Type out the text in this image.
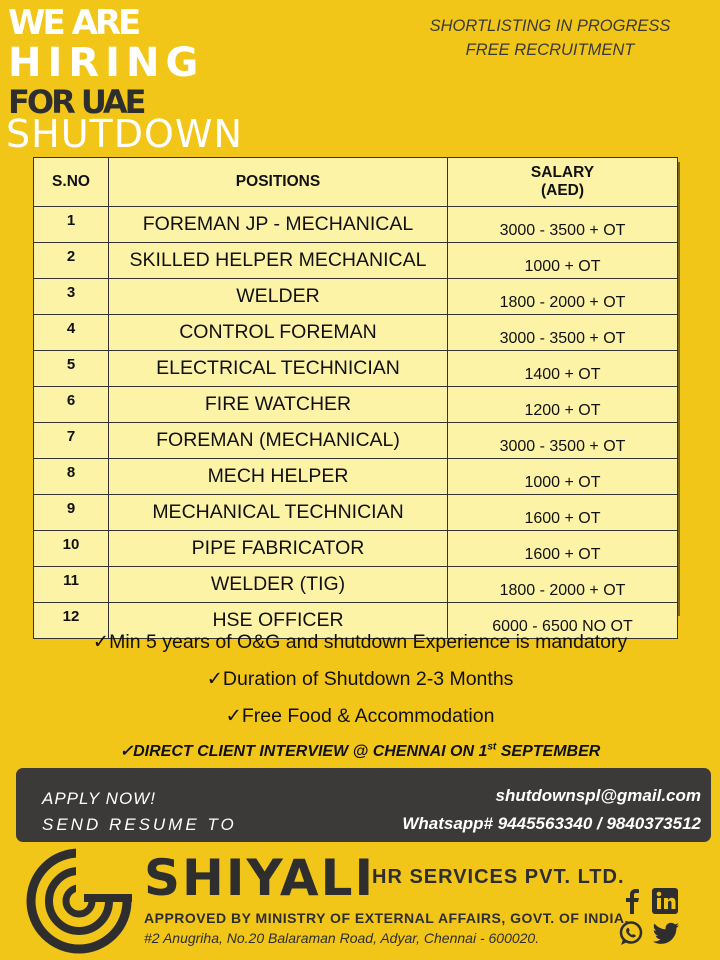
WE ARE
HIRING
FOR UAE
SHUTDOWN
SHORTLISTING IN PROGRESS
FREE RECRUITMENT
S.NO	POSITIONS	SALARY
(AED)

1	FOREMAN JP - MECHANICAL	3000 - 3500 + OT
2	SKILLED HELPER MECHANICAL	1000 + OT
3	WELDER	1800 - 2000 + OT
4	CONTROL FOREMAN	3000 - 3500 + OT
5	ELECTRICAL TECHNICIAN	1400 + OT
6	FIRE WATCHER	1200 + OT
7	FOREMAN (MECHANICAL)	3000 - 3500 + OT
8	MECH HELPER	1000 + OT
9	MECHANICAL TECHNICIAN	1600 + OT
10	PIPE FABRICATOR	1600 + OT
11	WELDER (TIG)	1800 - 2000 + OT
12	HSE OFFICER	6000 - 6500 NO OT
✓Min 5 years of O&G and shutdown Experience is mandatory
✓Duration of Shutdown 2-3 Months
✓Free Food & Accommodation
✓DIRECT CLIENT INTERVIEW @ CHENNAI ON 1st SEPTEMBER
APPLY NOW!
SEND RESUME TO
shutdownspl@gmail.com
Whatsapp# 9445563340 / 9840373512
SHIYALI
HR SERVICES PVT. LTD.
APPROVED BY MINISTRY OF EXTERNAL AFFAIRS, GOVT. OF INDIA.
#2 Anugriha, No.20 Balaraman Road, Adyar, Chennai - 600020.
